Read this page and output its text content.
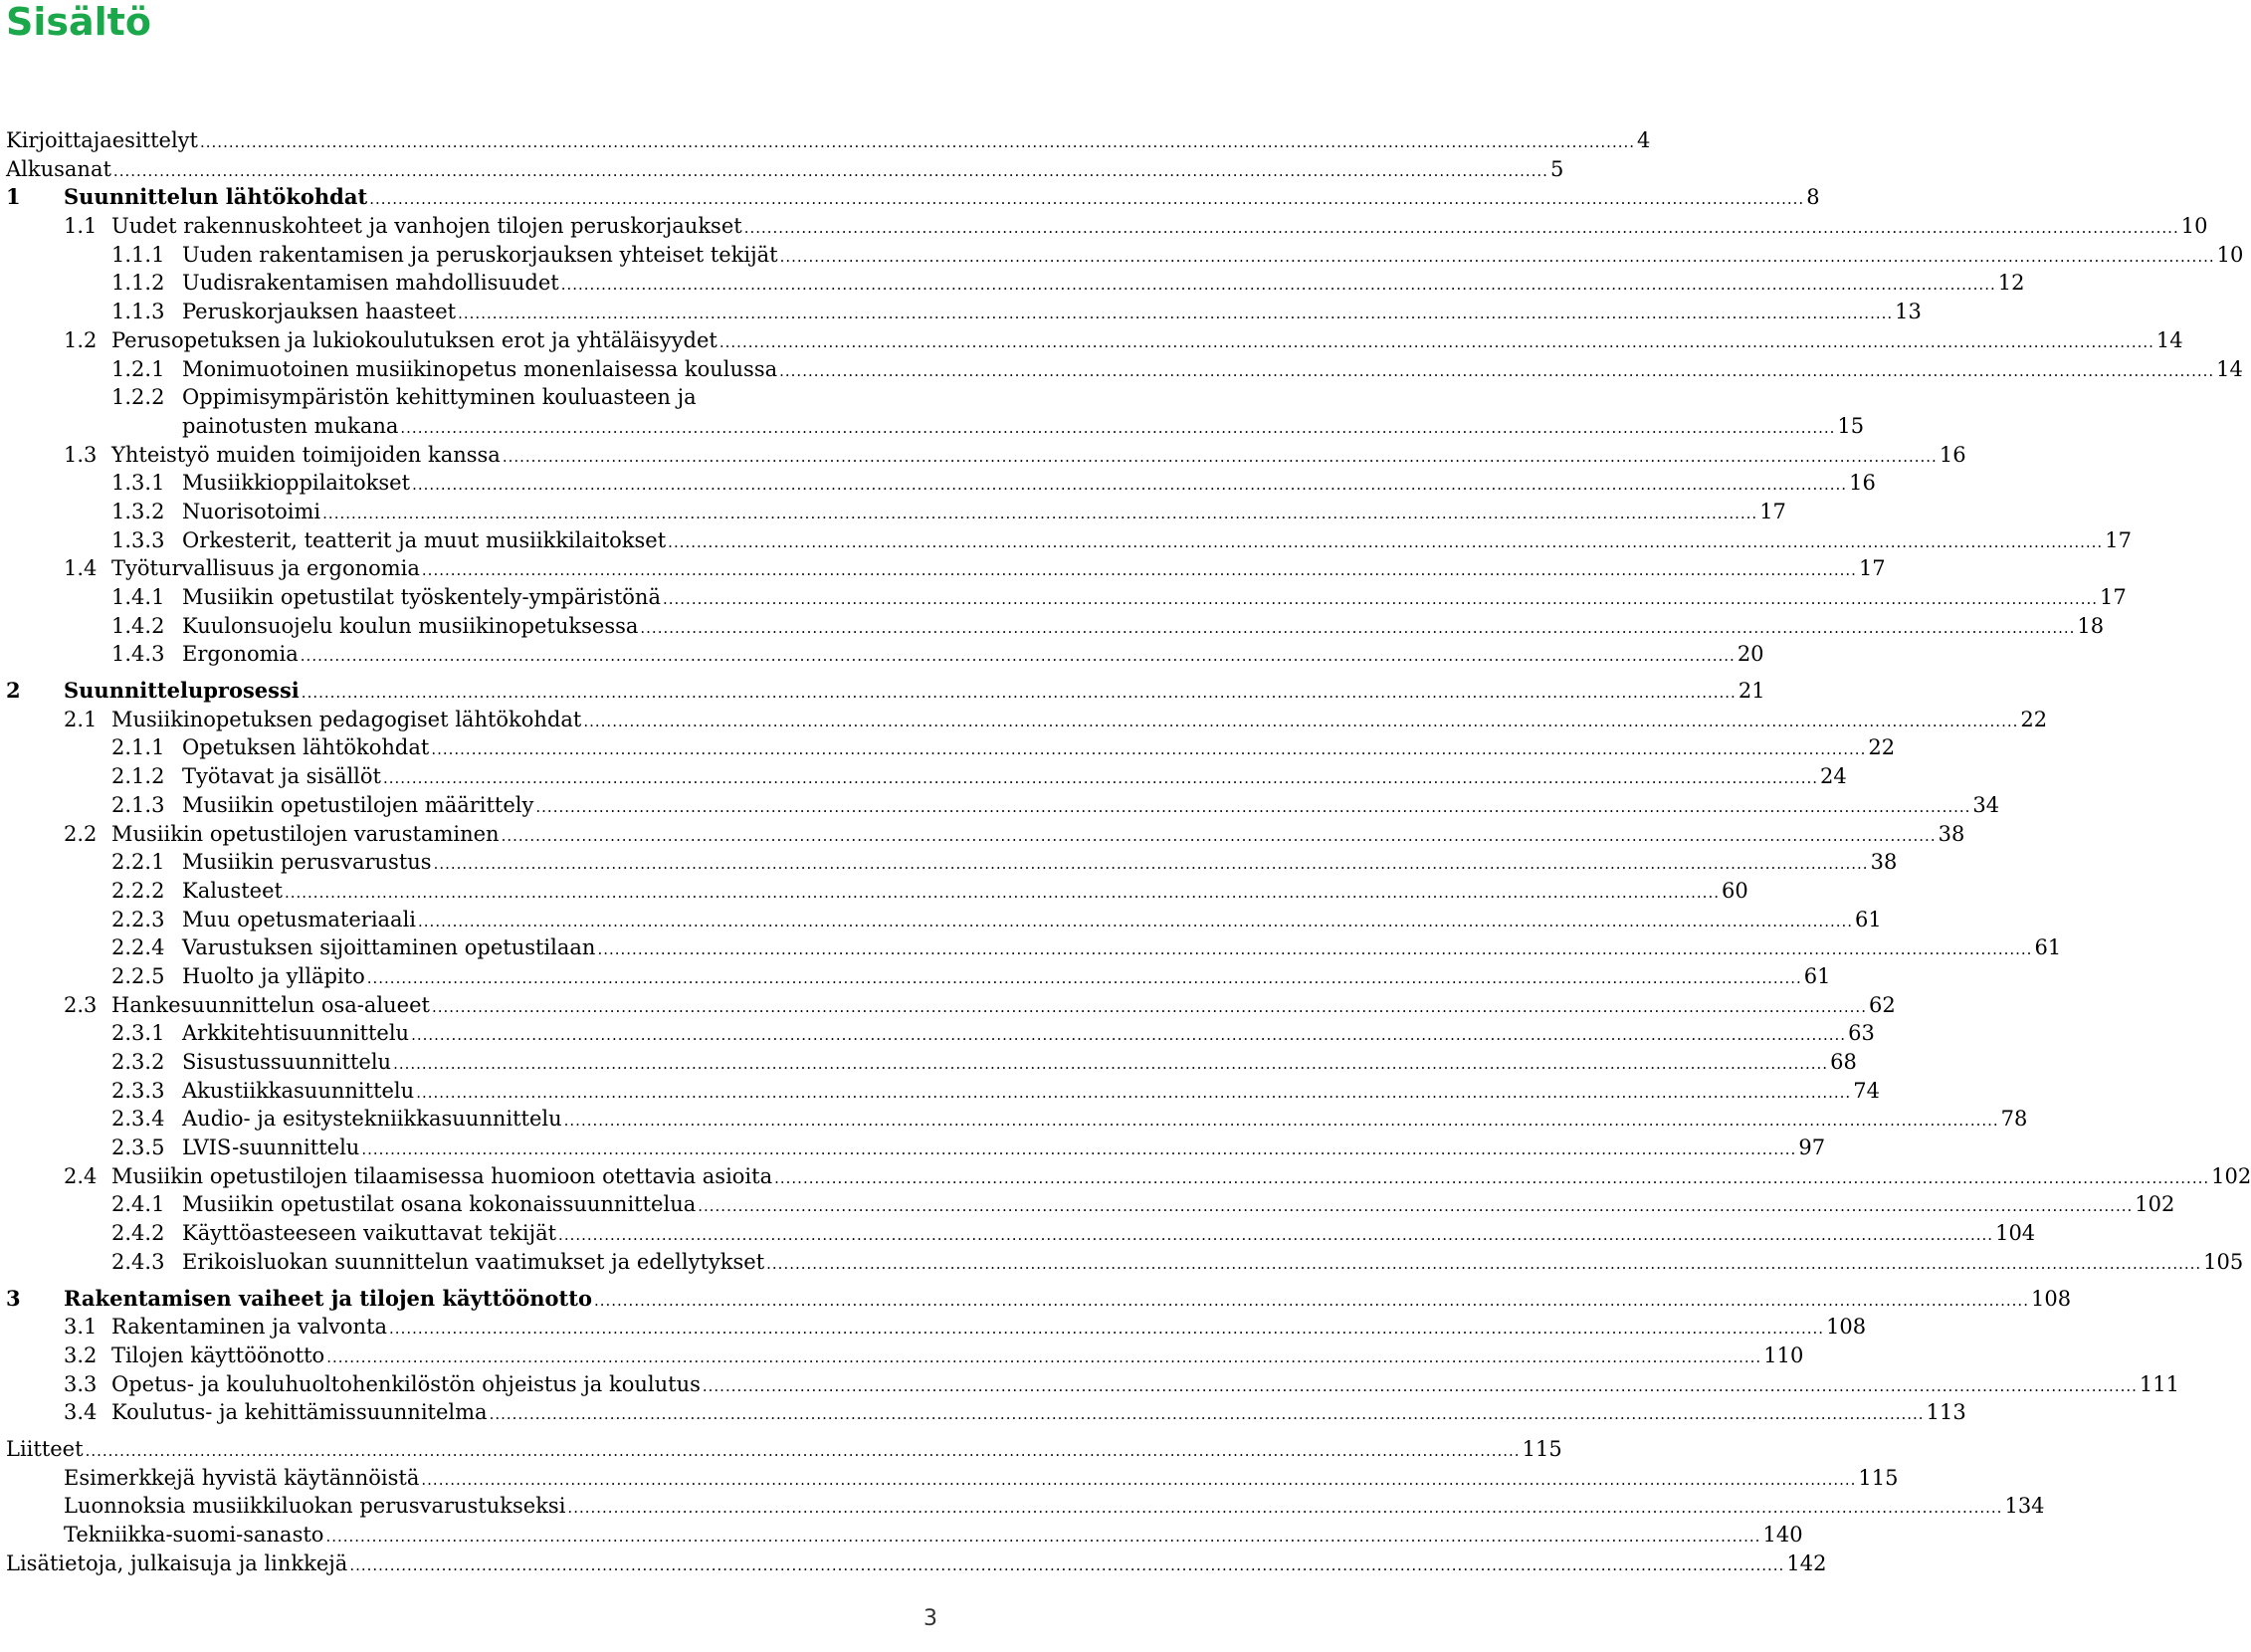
Sisältö
Kirjoittajaesittelyt .....	4
Alkusanat .....	5
1	Suunnittelun lähtökohdat .....	8
1.1 Uudet rakennuskohteet ja vanhojen tilojen peruskorjaukset .....	10
1.1.1 Uuden rakentamisen ja peruskorjauksen yhteiset tekijät .....	10
1.1.2 Uudisrakentamisen mahdollisuudet .....	12
1.1.3 Peruskorjauksen haasteet .....	13
1.2 Perusopetuksen ja lukiokoulutuksen erot ja yhtäläisyydet .....	14
1.2.1 Monimuotoinen musiikinopetus monenlaisessa koulussa .....	14
1.2.2 Oppimisympäristön kehittyminen kouluasteen ja
painotusten mukana .....	15
1.3 Yhteistyö muiden toimijoiden kanssa .....	16
1.3.1 Musiikkioppilaitokset .....	16
1.3.2 Nuorisotoimi .....	17
1.3.3 Orkesterit, teatterit ja muut musiikkilaitokset .....	17
1.4 Työturvallisuus ja ergonomia .....	17
1.4.1 Musiikin opetustilat työskentely-ympäristönä .....	17
1.4.2 Kuulonsuojelu koulun musiikinopetuksessa .....	18
1.4.3 Ergonomia .....	20
2	Suunnitteluprosessi .....	21
2.1 Musiikinopetuksen pedagogiset lähtökohdat .....	22
2.1.1 Opetuksen lähtökohdat .....	22
2.1.2 Työtavat ja sisällöt .....	24
2.1.3 Musiikin opetustilojen määrittely .....	34
2.2 Musiikin opetustilojen varustaminen .....	38
2.2.1 Musiikin perusvarustus .....	38
2.2.2 Kalusteet .....	60
2.2.3 Muu opetusmateriaali .....	61
2.2.4 Varustuksen sijoittaminen opetustilaan .....	61
2.2.5 Huolto ja ylläpito .....	61
2.3 Hankesuunnittelun osa-alueet .....	62
2.3.1 Arkkitehtisuunnittelu .....	63
2.3.2 Sisustussuunnittelu .....	68
2.3.3 Akustiikkasuunnittelu .....	74
2.3.4 Audio- ja esitystekniikkasuunnittelu .....	78
2.3.5 LVIS-suunnittelu .....	97
2.4 Musiikin opetustilojen tilaamisessa huomioon otettavia asioita .....	102
2.4.1 Musiikin opetustilat osana kokonaissuunnittelua .....	102
2.4.2 Käyttöasteeseen vaikuttavat tekijät .....	104
2.4.3 Erikoisluokan suunnittelun vaatimukset ja edellytykset .....	105
3	Rakentamisen vaiheet ja tilojen käyttöönotto .....	108
3.1 Rakentaminen ja valvonta .....	108
3.2 Tilojen käyttöönotto .....	110
3.3 Opetus- ja kouluhuoltohenkilöstön ohjeistus ja koulutus .....	111
3.4 Koulutus- ja kehittämissuunnitelma .....	113
Liitteet .....	115
Esimerkkejä hyvistä käytännöistä .....	115
Luonnoksia musiikkiluokan perusvarustukseksi .....	134
Tekniikka-suomi-sanasto .....	140
Lisätietoja, julkaisuja ja linkkejä .....	142
3
